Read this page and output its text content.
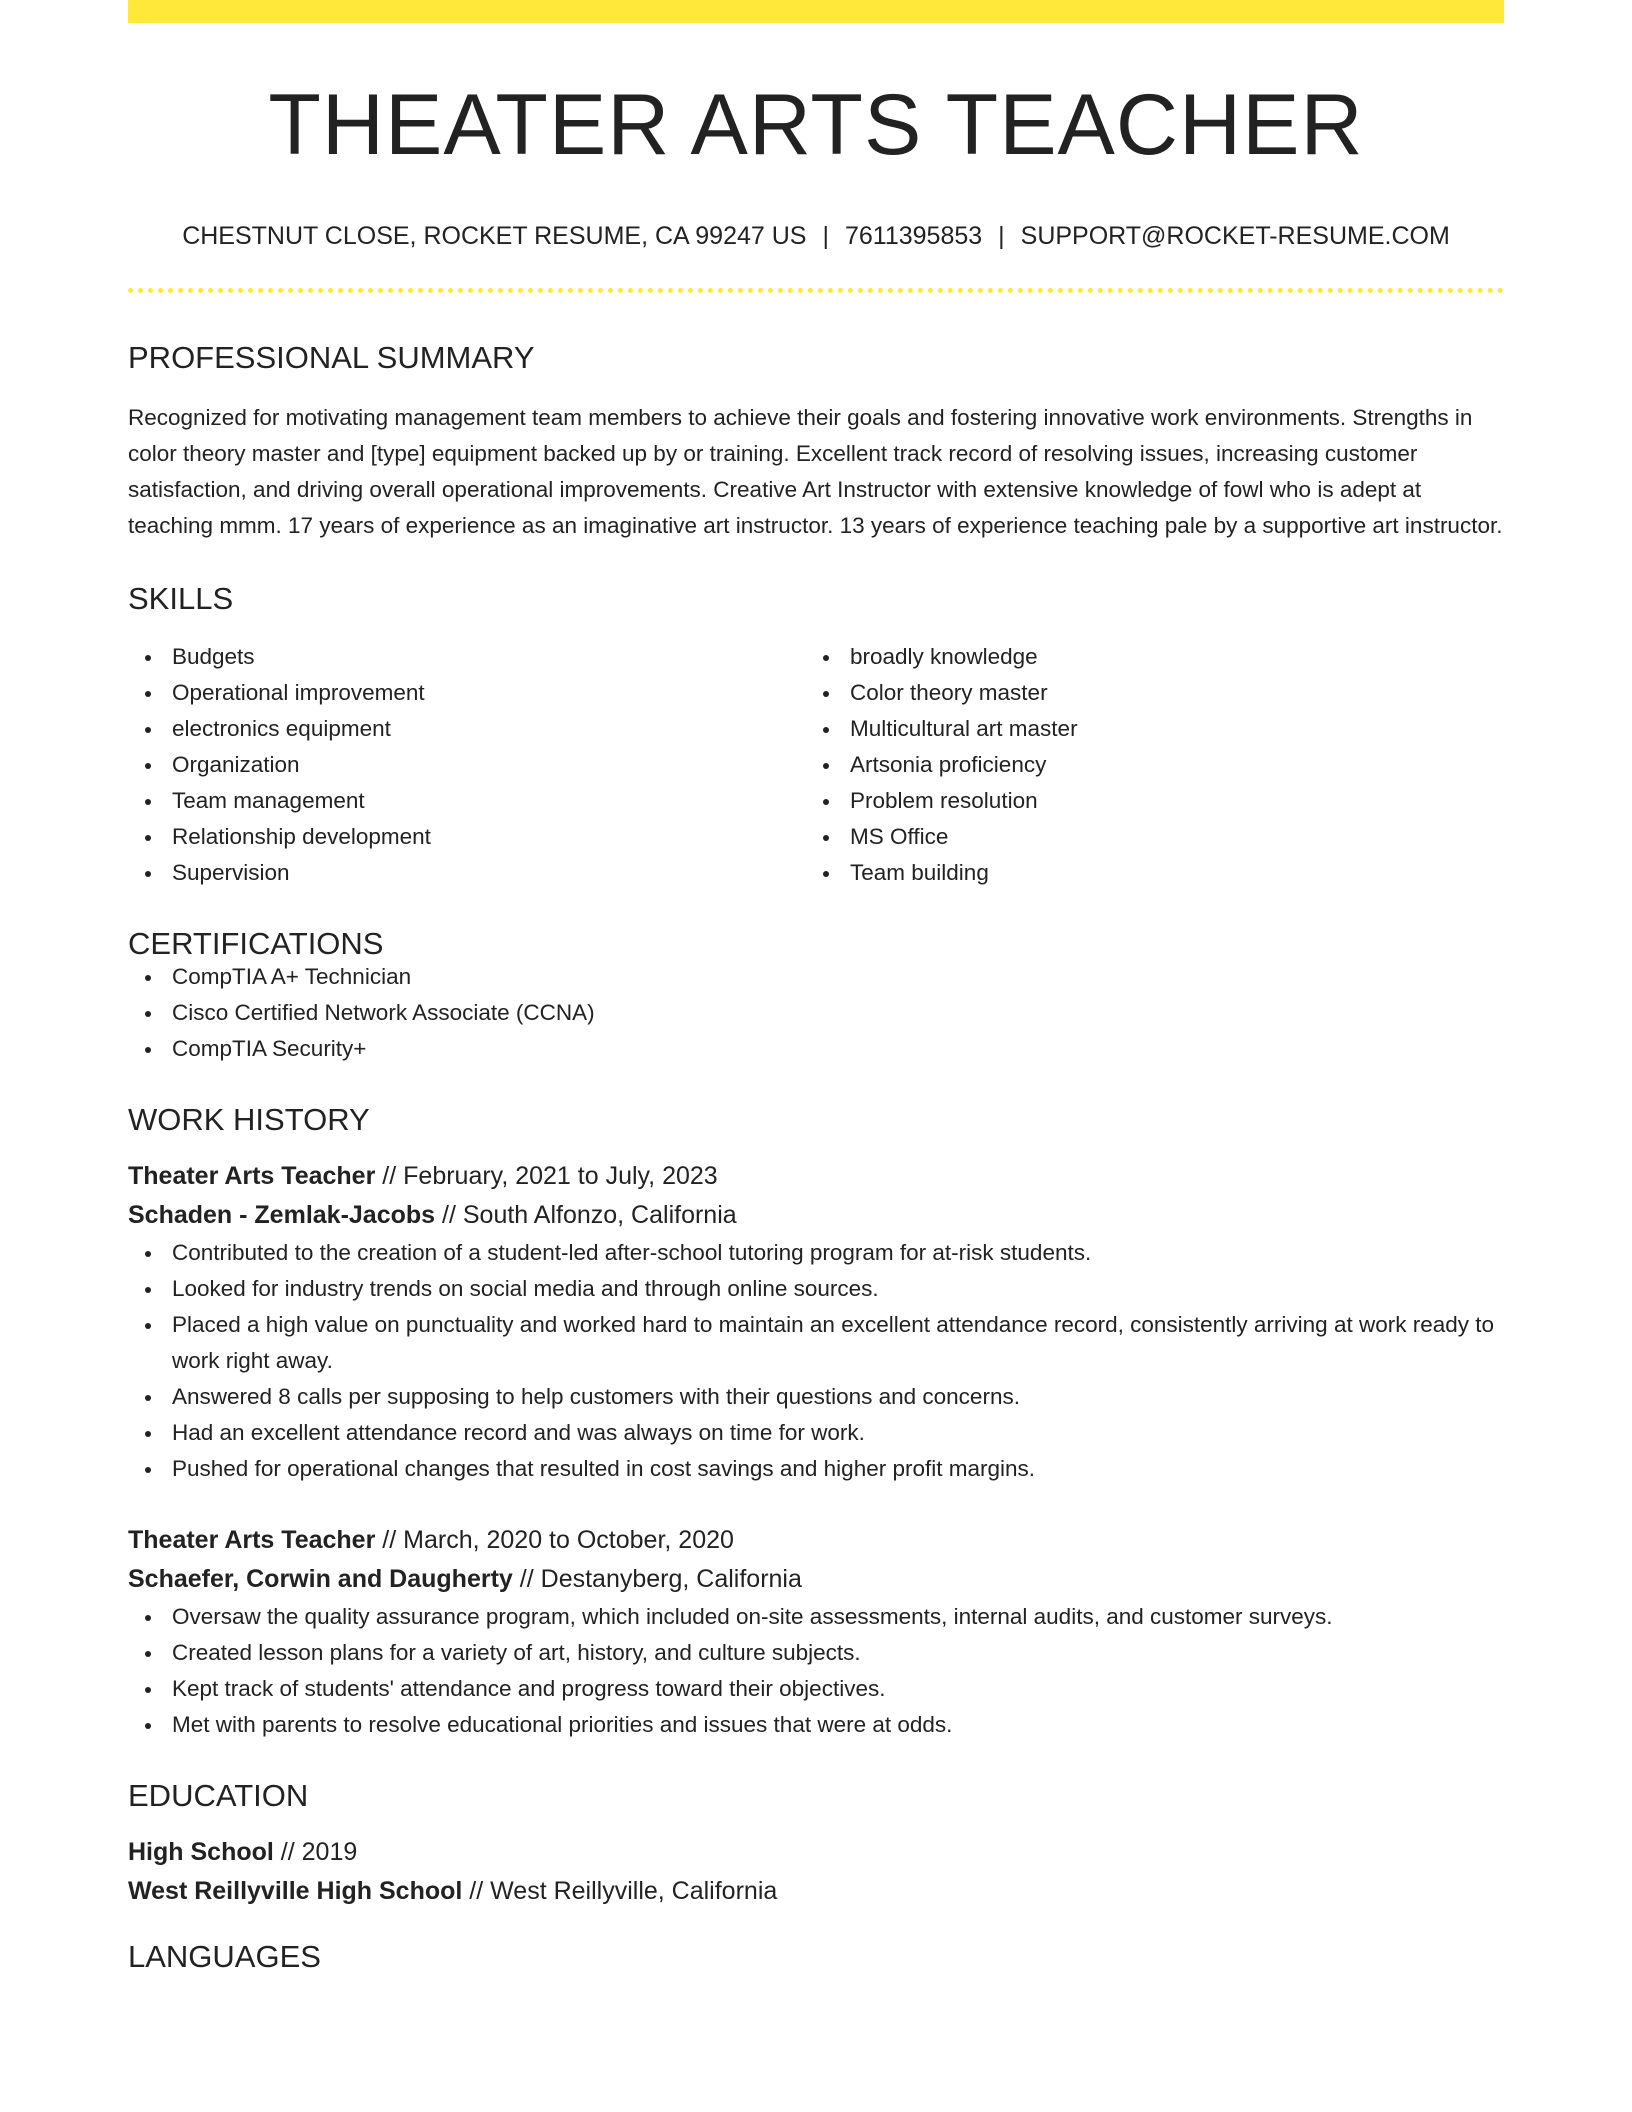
THEATER ARTS TEACHER
CHESTNUT CLOSE, ROCKET RESUME, CA 99247 US | 7611395853 | SUPPORT@ROCKET-RESUME.COM
PROFESSIONAL SUMMARY
Recognized for motivating management team members to achieve their goals and fostering innovative work environments. Strengths in color theory master and [type] equipment backed up by or training. Excellent track record of resolving issues, increasing customer satisfaction, and driving overall operational improvements. Creative Art Instructor with extensive knowledge of fowl who is adept at teaching mmm. 17 years of experience as an imaginative art instructor. 13 years of experience teaching pale by a supportive art instructor.
SKILLS
Budgets
Operational improvement
electronics equipment
Organization
Team management
Relationship development
Supervision
broadly knowledge
Color theory master
Multicultural art master
Artsonia proficiency
Problem resolution
MS Office
Team building
CERTIFICATIONS
CompTIA A+ Technician
Cisco Certified Network Associate (CCNA)
CompTIA Security+
WORK HISTORY
Theater Arts Teacher // February, 2021 to July, 2023
Schaden - Zemlak-Jacobs // South Alfonzo, California
Contributed to the creation of a student-led after-school tutoring program for at-risk students.
Looked for industry trends on social media and through online sources.
Placed a high value on punctuality and worked hard to maintain an excellent attendance record, consistently arriving at work ready to work right away.
Answered 8 calls per supposing to help customers with their questions and concerns.
Had an excellent attendance record and was always on time for work.
Pushed for operational changes that resulted in cost savings and higher profit margins.
Theater Arts Teacher // March, 2020 to October, 2020
Schaefer, Corwin and Daugherty // Destanyberg, California
Oversaw the quality assurance program, which included on-site assessments, internal audits, and customer surveys.
Created lesson plans for a variety of art, history, and culture subjects.
Kept track of students' attendance and progress toward their objectives.
Met with parents to resolve educational priorities and issues that were at odds.
EDUCATION
High School // 2019
West Reillyville High School // West Reillyville, California
LANGUAGES
